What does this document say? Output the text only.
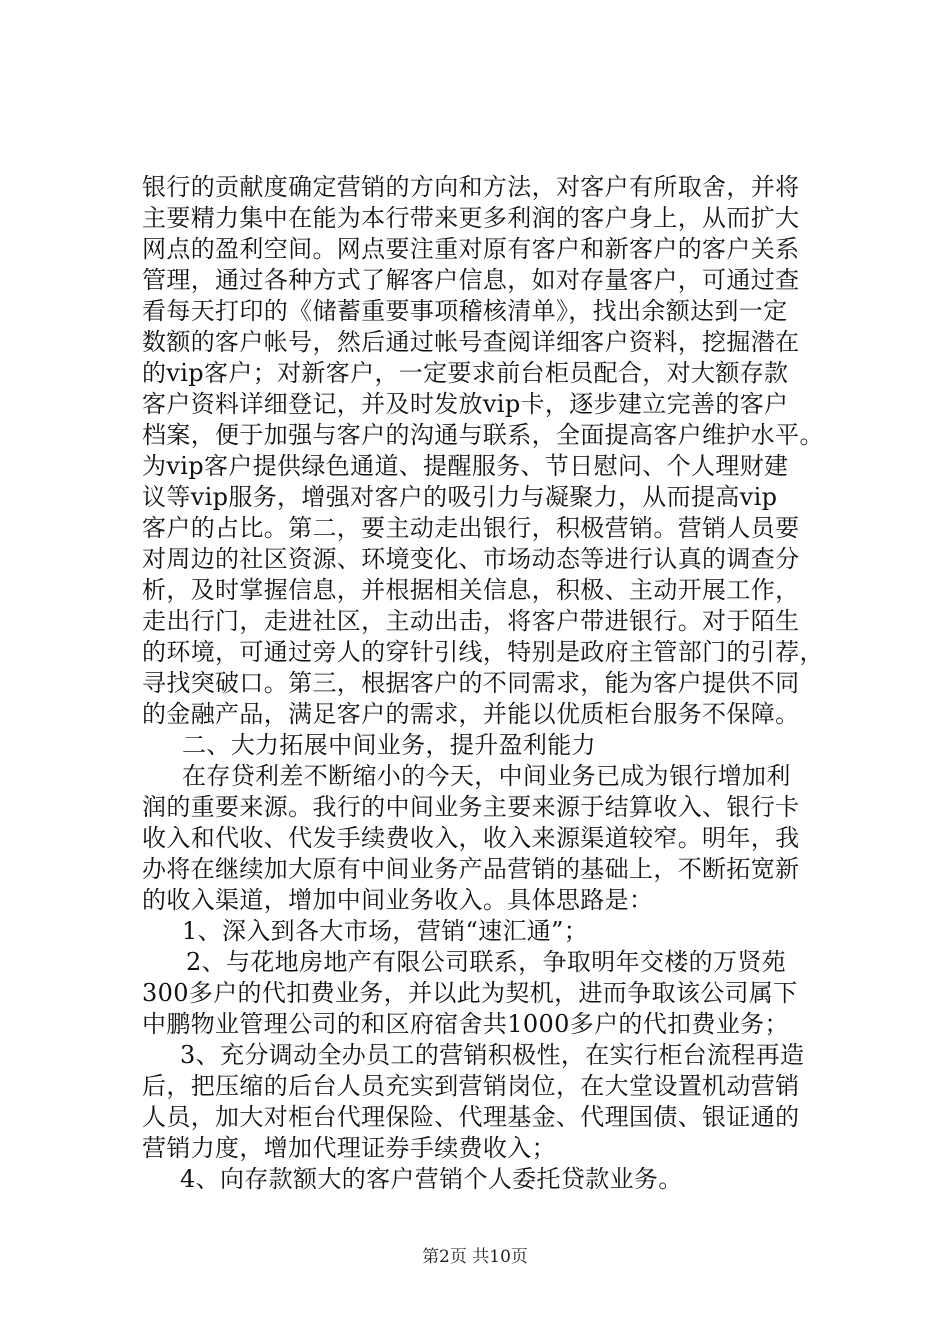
银行的贡献度确定营销的方向和方法，对客户有所取舍，并将
主要精力集中在能为本行带来更多利润的客户身上，从而扩大
网点的盈利空间。网点要注重对原有客户和新客户的客户关系
管理，通过各种方式了解客户信息，如对存量客户，可通过查
看每天打印的《储蓄重要事项稽核清单》，找出余额达到一定
数额的客户帐号，然后通过帐号查阅详细客户资料，挖掘潜在
的vip客户；对新客户，一定要求前台柜员配合，对大额存款
客户资料详细登记，并及时发放vip卡，逐步建立完善的客户
档案，便于加强与客户的沟通与联系，全面提高客户维护水平。
为vip客户提供绿色通道、提醒服务、节日慰问、个人理财建
议等vip服务，增强对客户的吸引力与凝聚力，从而提高vip
客户的占比。第二，要主动走出银行，积极营销。营销人员要
对周边的社区资源、环境变化、市场动态等进行认真的调查分
析，及时掌握信息，并根据相关信息，积极、主动开展工作，
走出行门，走进社区，主动出击，将客户带进银行。对于陌生
的环境，可通过旁人的穿针引线，特别是政府主管部门的引荐，
寻找突破口。第三，根据客户的不同需求，能为客户提供不同
的金融产品，满足客户的需求，并能以优质柜台服务不保障。
二、大力拓展中间业务，提升盈利能力
在存贷利差不断缩小的今天，中间业务已成为银行增加利
润的重要来源。我行的中间业务主要来源于结算收入、银行卡
收入和代收、代发手续费收入，收入来源渠道较窄。明年，我
办将在继续加大原有中间业务产品营销的基础上，不断拓宽新
的收入渠道，增加中间业务收入。具体思路是：
1、深入到各大市场，营销“速汇通”；
2、与花地房地产有限公司联系，争取明年交楼的万贤苑
300多户的代扣费业务，并以此为契机，进而争取该公司属下
中鹏物业管理公司的和区府宿舍共1000多户的代扣费业务；
3、充分调动全办员工的营销积极性，在实行柜台流程再造
后，把压缩的后台人员充实到营销岗位，在大堂设置机动营销
人员，加大对柜台代理保险、代理基金、代理国债、银证通的
营销力度，增加代理证券手续费收入；
4、向存款额大的客户营销个人委托贷款业务。
第2页 共10页
